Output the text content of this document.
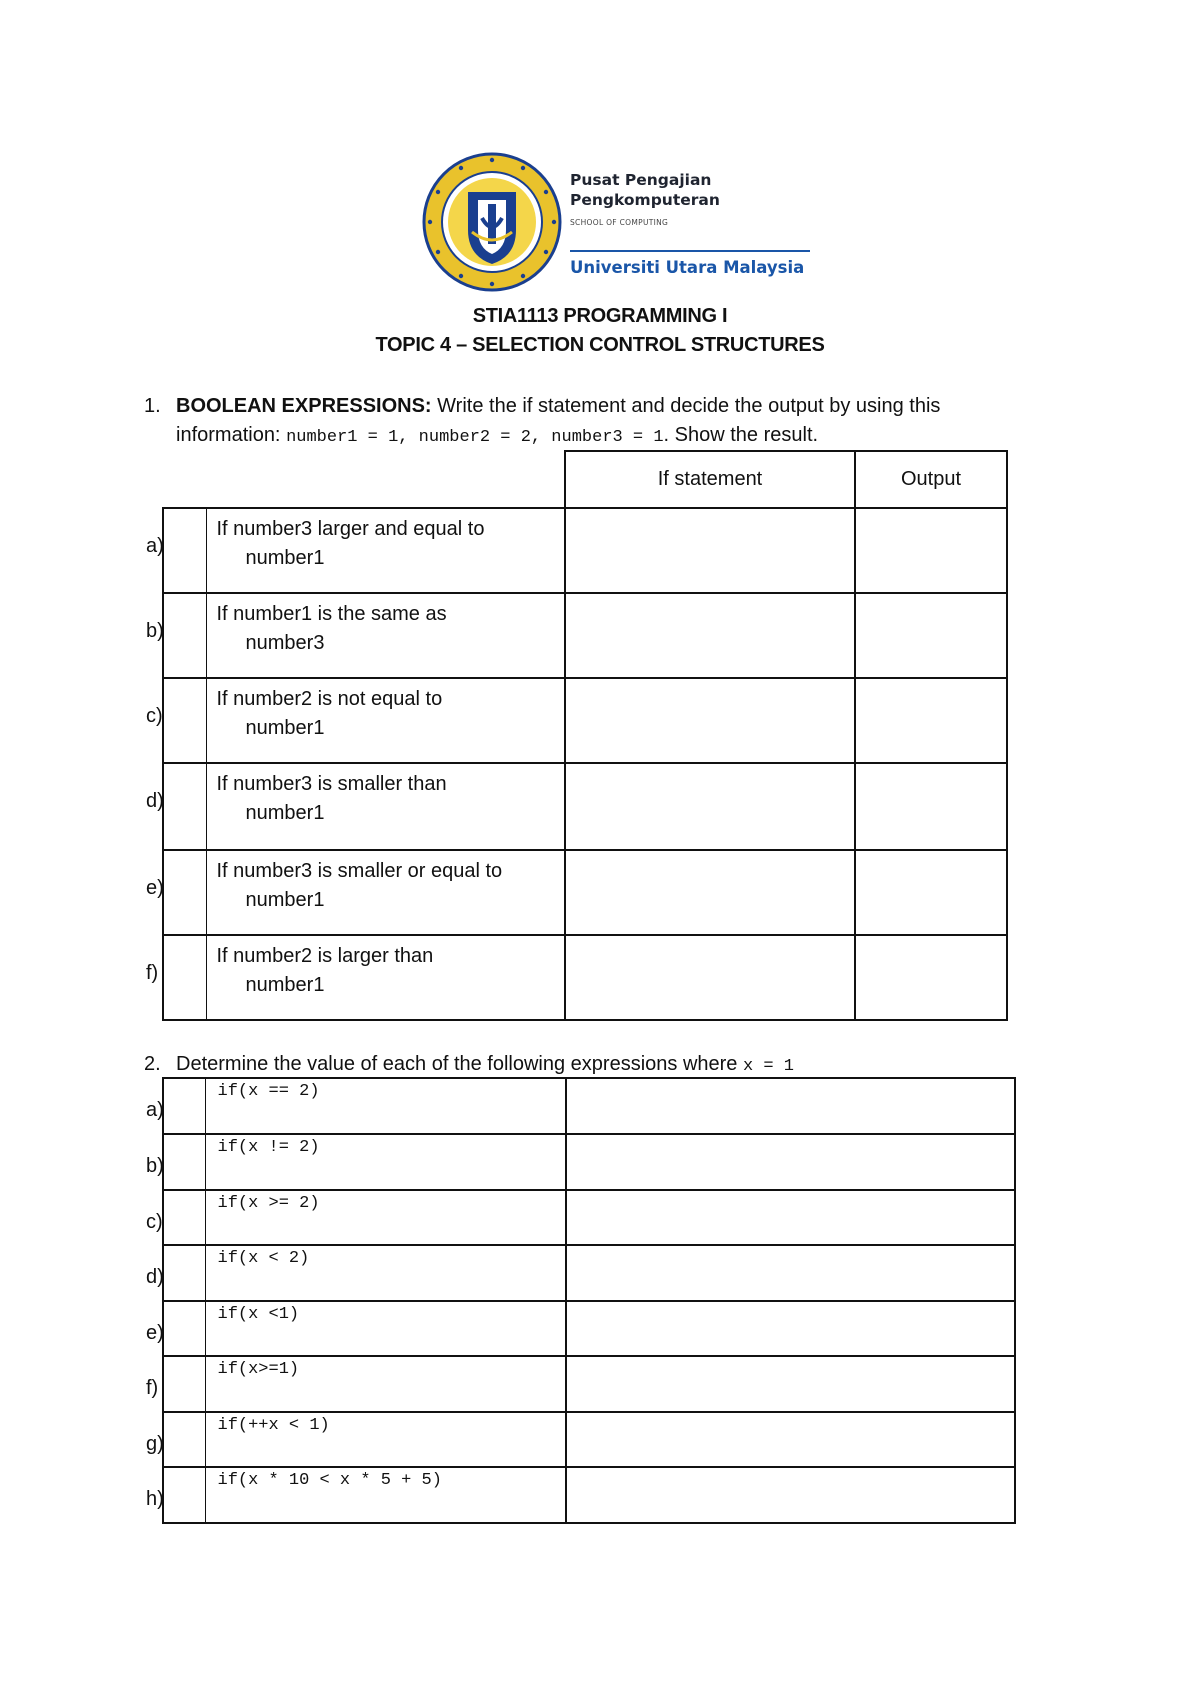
Pusat Pengajian
Pengkomputeran
SCHOOL OF COMPUTING
Universiti Utara Malaysia
STIA1113 PROGRAMMING I
TOPIC 4 – SELECTION CONTROL STRUCTURES
1. BOOLEAN EXPRESSIONS: Write the if statement and decide the output by using this
information: number1 = 1, number2 = 2, number3 = 1. Show the result.
		If statement	Output

a)	If number3 larger and equal to
number1		

b)	If number1 is the same as
number3		

c)	If number2 is not equal to
number1		

d)	If number3 is smaller than
number1		

e)	If number3 is smaller or equal to
number1		

f)	If number2 is larger than
number1		

2. Determine the value of each of the following expressions where x = 1
a)	if(x == 2)	

b)	if(x != 2)	

c)	if(x >= 2)	

d)	if(x < 2)	

e)	if(x <1)	

f)	if(x>=1)	

g)	if(++x < 1)	

h)	if(x * 10 < x * 5 + 5)	
